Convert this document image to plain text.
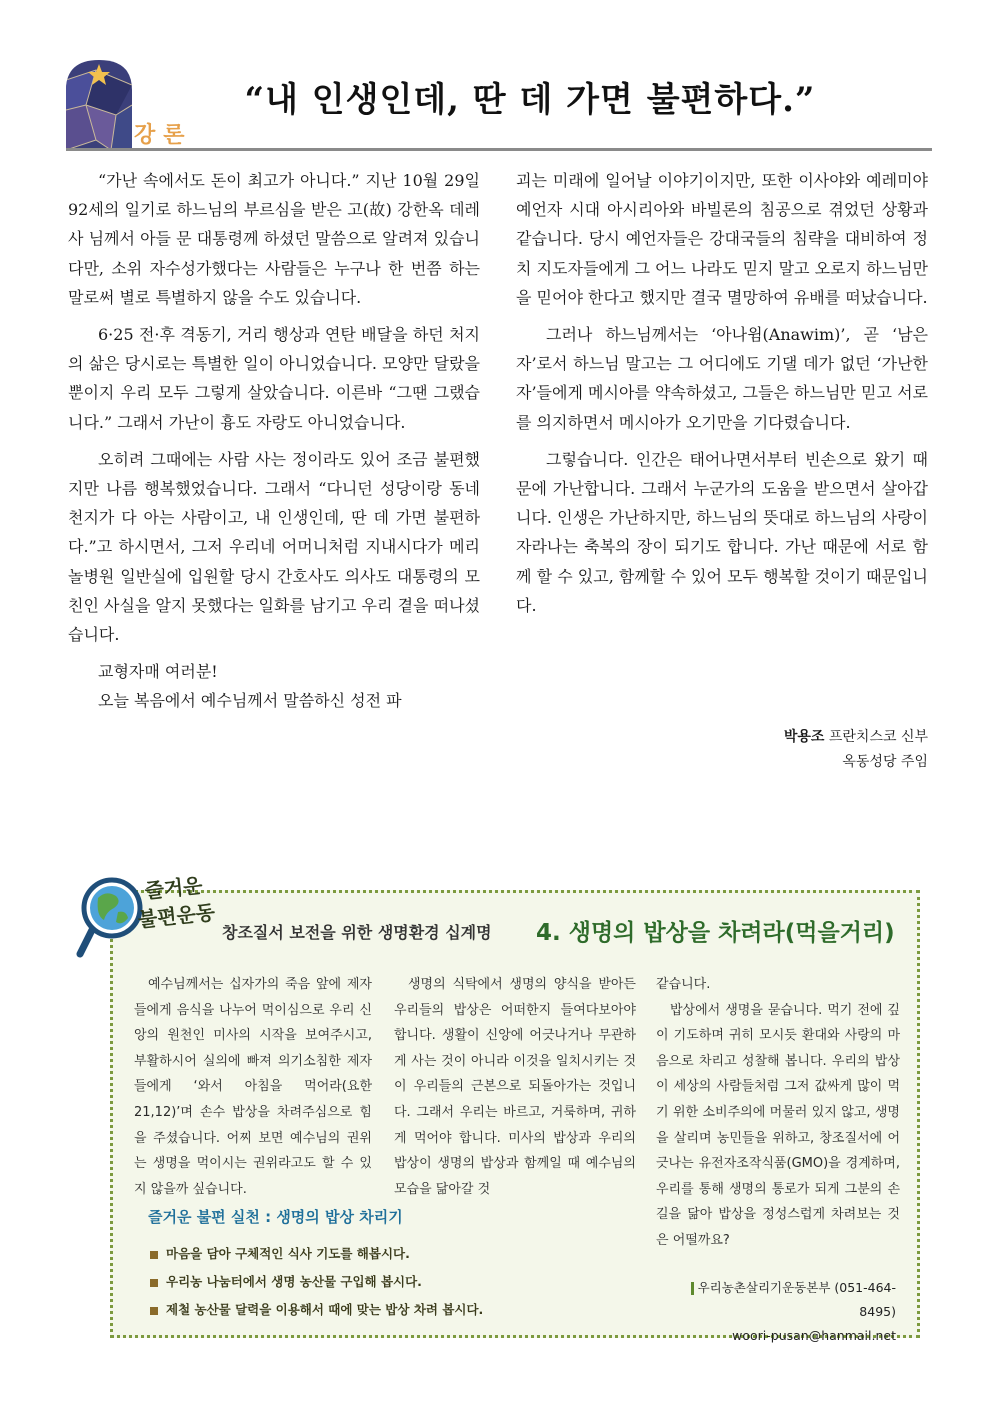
강론
“내 인생인데, 딴 데 가면 불편하다.”

“가난 속에서도 돈이 최고가 아니다.” 지난 10월 29일 92세의 일기로 하느님의 부르심을 받은 고(故) 강한옥 데레사 님께서 아들 문 대통령께 하셨던 말씀으로 알려져 있습니다만, 소위 자수성가했다는 사람들은 누구나 한 번쯤 하는 말로써 별로 특별하지 않을 수도 있습니다.

6·25 전·후 격동기, 거리 행상과 연탄 배달을 하던 처지의 삶은 당시로는 특별한 일이 아니었습니다. 모양만 달랐을 뿐이지 우리 모두 그렇게 살았습니다. 이른바 “그땐 그랬습니다.” 그래서 가난이 흉도 자랑도 아니었습니다.

오히려 그때에는 사람 사는 정이라도 있어 조금 불편했지만 나름 행복했었습니다. 그래서 “다니던 성당이랑 동네 천지가 다 아는 사람이고, 내 인생인데, 딴 데 가면 불편하다.”고 하시면서, 그저 우리네 어머니처럼 지내시다가 메리놀병원 일반실에 입원할 당시 간호사도 의사도 대통령의 모친인 사실을 알지 못했다는 일화를 남기고 우리 곁을 떠나셨습니다.

교형자매 여러분!

오늘 복음에서 예수님께서 말씀하신 성전 파

괴는 미래에 일어날 이야기이지만, 또한 이사야와 예레미야 예언자 시대 아시리아와 바빌론의 침공으로 겪었던 상황과 같습니다. 당시 예언자들은 강대국들의 침략을 대비하여 정치 지도자들에게 그 어느 나라도 믿지 말고 오로지 하느님만을 믿어야 한다고 했지만 결국 멸망하여 유배를 떠났습니다.

그러나 하느님께서는 ‘아나윔(Anawim)’, 곧 ‘남은 자’로서 하느님 말고는 그 어디에도 기댈 데가 없던 ‘가난한 자’들에게 메시아를 약속하셨고, 그들은 하느님만 믿고 서로를 의지하면서 메시아가 오기만을 기다렸습니다.

그렇습니다. 인간은 태어나면서부터 빈손으로 왔기 때문에 가난합니다. 그래서 누군가의 도움을 받으면서 살아갑니다. 인생은 가난하지만, 하느님의 뜻대로 하느님의 사랑이 자라나는 축복의 장이 되기도 합니다. 가난 때문에 서로 함께 할 수 있고, 함께할 수 있어 모두 행복할 것이기 때문입니다.

박용조 프란치스코 신부
옥동성당 주임
즐거운
불편운동
창조질서 보전을 위한 생명환경 십계명 4. 생명의 밥상을 차려라(먹을거리)

예수님께서는 십자가의 죽음 앞에 제자들에게 음식을 나누어 먹이심으로 우리 신앙의 원천인 미사의 시작을 보여주시고, 부활하시어 실의에 빠져 의기소침한 제자들에게 ‘와서 아침을 먹어라(요한 21,12)’며 손수 밥상을 차려주심으로 힘을 주셨습니다. 어찌 보면 예수님의 권위는 생명을 먹이시는 권위라고도 할 수 있지 않을까 싶습니다.

생명의 식탁에서 생명의 양식을 받아든 우리들의 밥상은 어떠한지 들여다보아야 합니다. 생활이 신앙에 어긋나거나 무관하게 사는 것이 아니라 이것을 일치시키는 것이 우리들의 근본으로 되돌아가는 것입니다. 그래서 우리는 바르고, 거룩하며, 귀하게 먹어야 합니다. 미사의 밥상과 우리의 밥상이 생명의 밥상과 함께일 때 예수님의 모습을 닮아갈 것

같습니다.

밥상에서 생명을 묻습니다. 먹기 전에 깊이 기도하며 귀히 모시듯 환대와 사랑의 마음으로 차리고 성찰해 봅니다. 우리의 밥상이 세상의 사람들처럼 그저 값싸게 많이 먹기 위한 소비주의에 머물러 있지 않고, 생명을 살리며 농민들을 위하고, 창조질서에 어긋나는 유전자조작식품(GMO)을 경계하며, 우리를 통해 생명의 통로가 되게 그분의 손길을 닮아 밥상을 정성스럽게 차려보는 것은 어떨까요?

즐거운 불편 실천 : 생명의 밥상 차리기
마음을 담아 구체적인 식사 기도를 해봅시다.
우리농 나눔터에서 생명 농산물 구입해 봅시다.
제철 농산물 달력을 이용해서 때에 맞는 밥상 차려 봅시다.
우리농촌살리기운동본부 (051-464-8495)
woori-pusan@hanmail.net
